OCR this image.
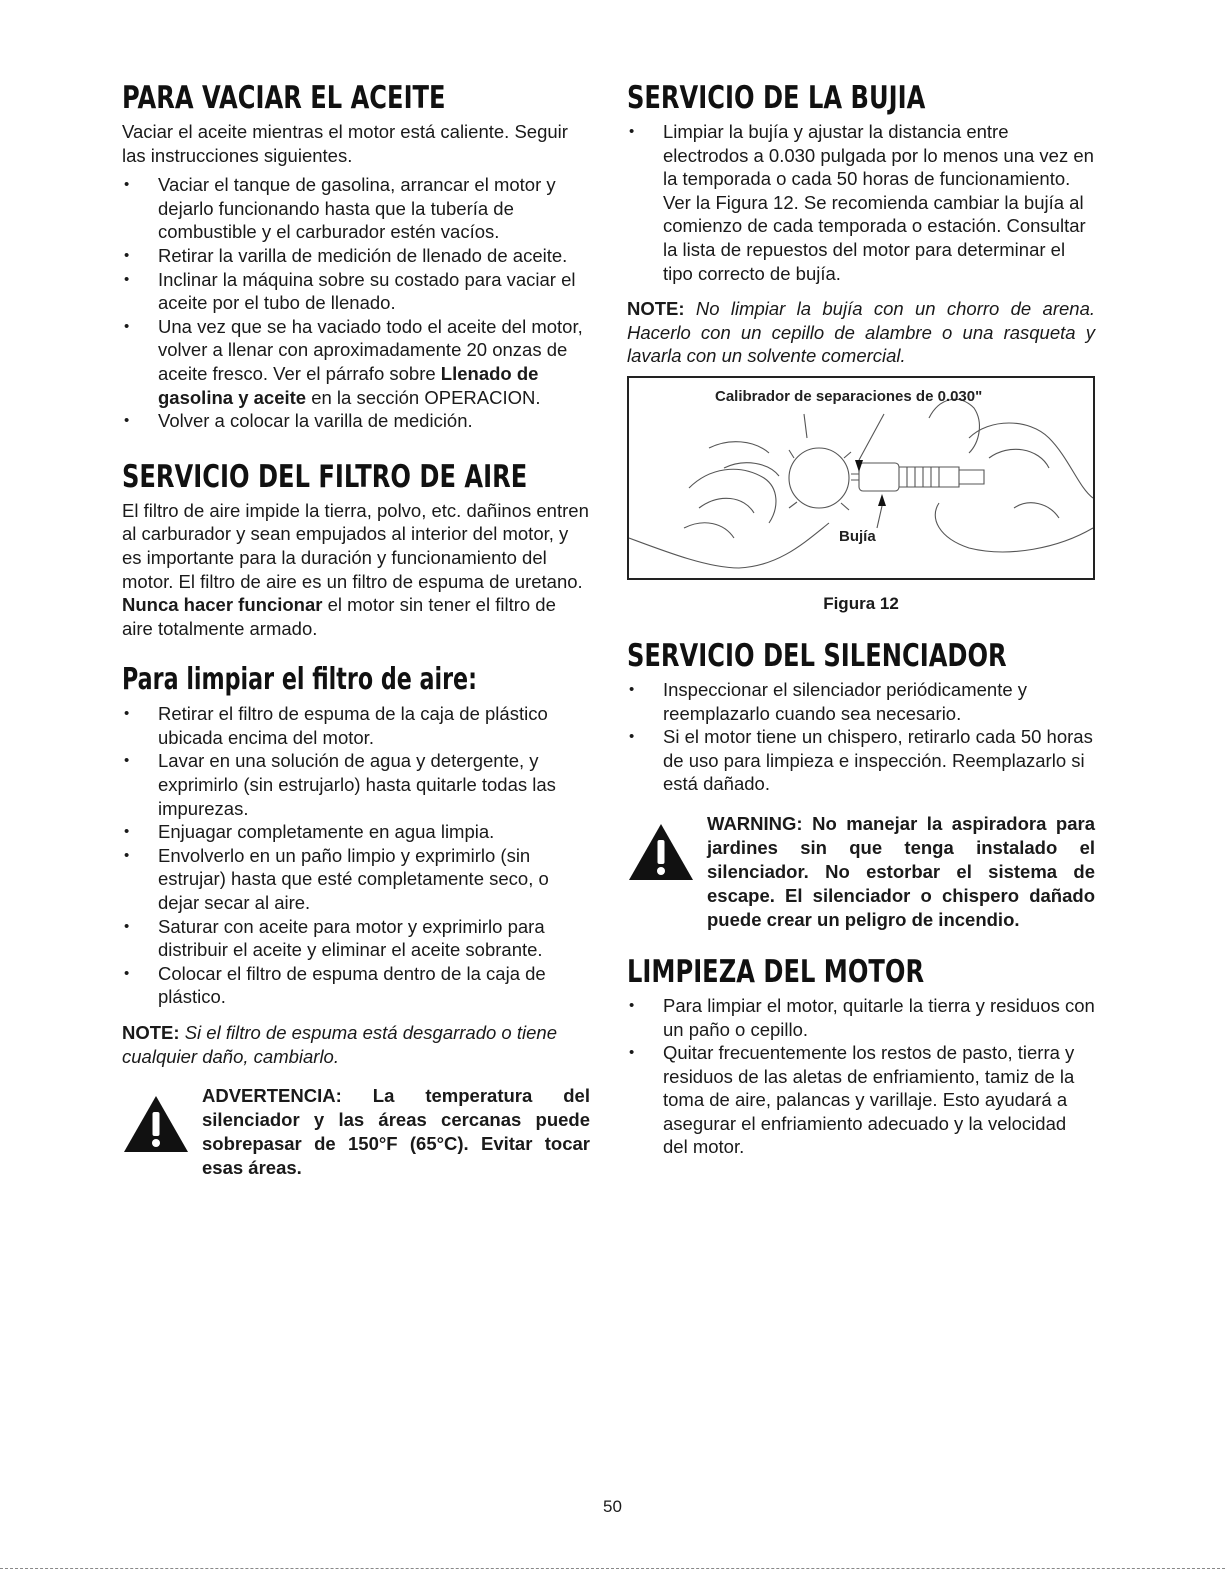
PARA VACIAR EL ACEITE

Vaciar el aceite mientras el motor está caliente. Seguir las instrucciones siguientes.

• Vaciar el tanque de gasolina, arrancar el motor y dejarlo funcionando hasta que la tubería de combustible y el carburador estén vacíos.
• Retirar la varilla de medición de llenado de aceite.
• Inclinar la máquina sobre su costado para vaciar el aceite por el tubo de llenado.
• Una vez que se ha vaciado todo el aceite del motor, volver a llenar con aproximadamente 20 onzas de aceite fresco. Ver el párrafo sobre Llenado de gasolina y aceite en la sección OPERACION.
• Volver a colocar la varilla de medición.
SERVICIO DEL FILTRO DE AIRE

El filtro de aire impide la tierra, polvo, etc. dañinos entren al carburador y sean empujados al interior del motor, y es importante para la duración y funcionamiento del motor. El filtro de aire es un filtro de espuma de uretano. Nunca hacer funcionar el motor sin tener el filtro de aire totalmente armado.

Para limpiar el filtro de aire:
• Retirar el filtro de espuma de la caja de plástico ubicada encima del motor.
• Lavar en una solución de agua y detergente, y exprimirlo (sin estrujarlo) hasta quitarle todas las impurezas.
• Enjuagar completamente en agua limpia.
• Envolverlo en un paño limpio y exprimirlo (sin estrujar) hasta que esté completamente seco, o dejar secar al aire.
• Saturar con aceite para motor y exprimirlo para distribuir el aceite y eliminar el aceite sobrante.
• Colocar el filtro de espuma dentro de la caja de plástico.

NOTE: Si el filtro de espuma está desgarrado o tiene cualquier daño, cambiarlo.

ADVERTENCIA: La temperatura del silenciador y las áreas cercanas puede sobrepasar de 150°F (65°C). Evitar tocar esas áreas.

SERVICIO DE LA BUJIA
• Limpiar la bujía y ajustar la distancia entre electrodos a 0.030 pulgada por lo menos una vez en la temporada o cada 50 horas de funcionamiento. Ver la Figura 12. Se recomienda cambiar la bujía al comienzo de cada temporada o estación. Consultar la lista de repuestos del motor para determinar el tipo correcto de bujía.

NOTE: No limpiar la bujía con un chorro de arena. Hacerlo con un cepillo de alambre o una rasqueta y lavarla con un solvente comercial.

Calibrador de separaciones de 0.030"
Bujía
Figura 12
SERVICIO DEL SILENCIADOR
• Inspeccionar el silenciador periódicamente y reemplazarlo cuando sea necesario.
• Si el motor tiene un chispero, retirarlo cada 50 horas de uso para limpieza e inspección. Reemplazarlo si está dañado.

WARNING: No manejar la aspiradora para jardines sin que tenga instalado el silenciador. No estorbar el sistema de escape. El silenciador o chispero dañado puede crear un peligro de incendio.

LIMPIEZA DEL MOTOR
• Para limpiar el motor, quitarle la tierra y residuos con un paño o cepillo.
• Quitar frecuentemente los restos de pasto, tierra y residuos de las aletas de enfriamiento, tamiz de la toma de aire, palancas y varillaje. Esto ayudará a asegurar el enfriamiento adecuado y la velocidad del motor.
50
